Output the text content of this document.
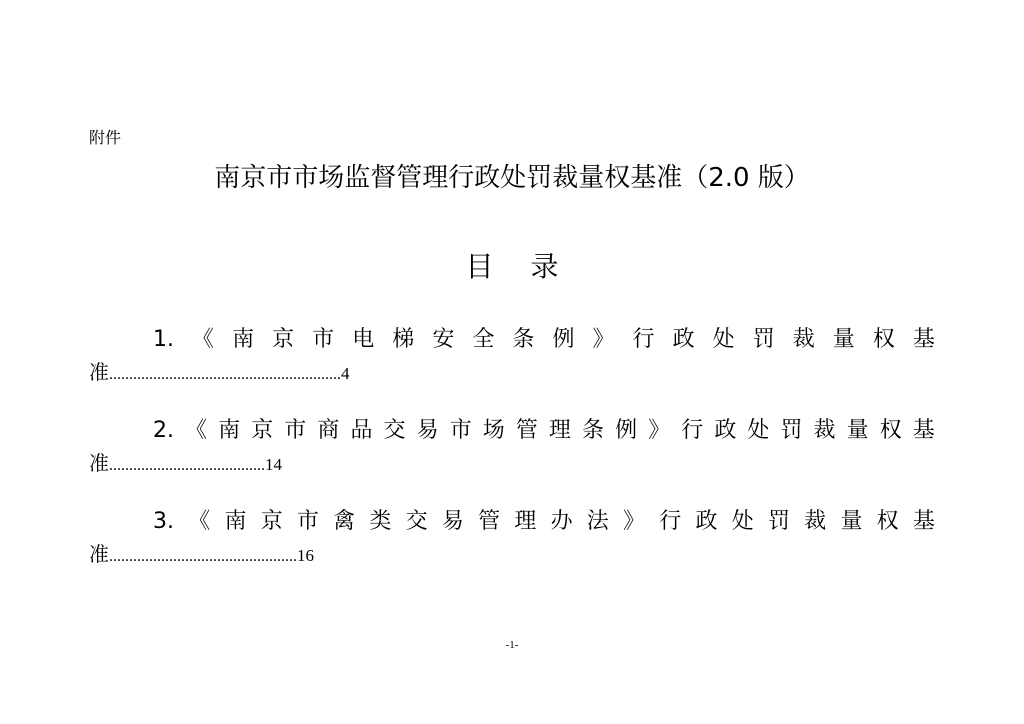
附件
南京市市场监督管理行政处罚裁量权基准（2.0 版）
目 录
1. 《 南 京 市 电 梯 安 全 条 例 》 行 政 处 罚 裁 量 权 基
准..........................................................4
2. 《 南 京 市 商 品 交 易 市 场 管 理 条 例 》 行 政 处 罚 裁 量 权 基
准.......................................14
3. 《 南 京 市 禽 类 交 易 管 理 办 法 》 行 政 处 罚 裁 量 权 基
准...............................................16
-1-
